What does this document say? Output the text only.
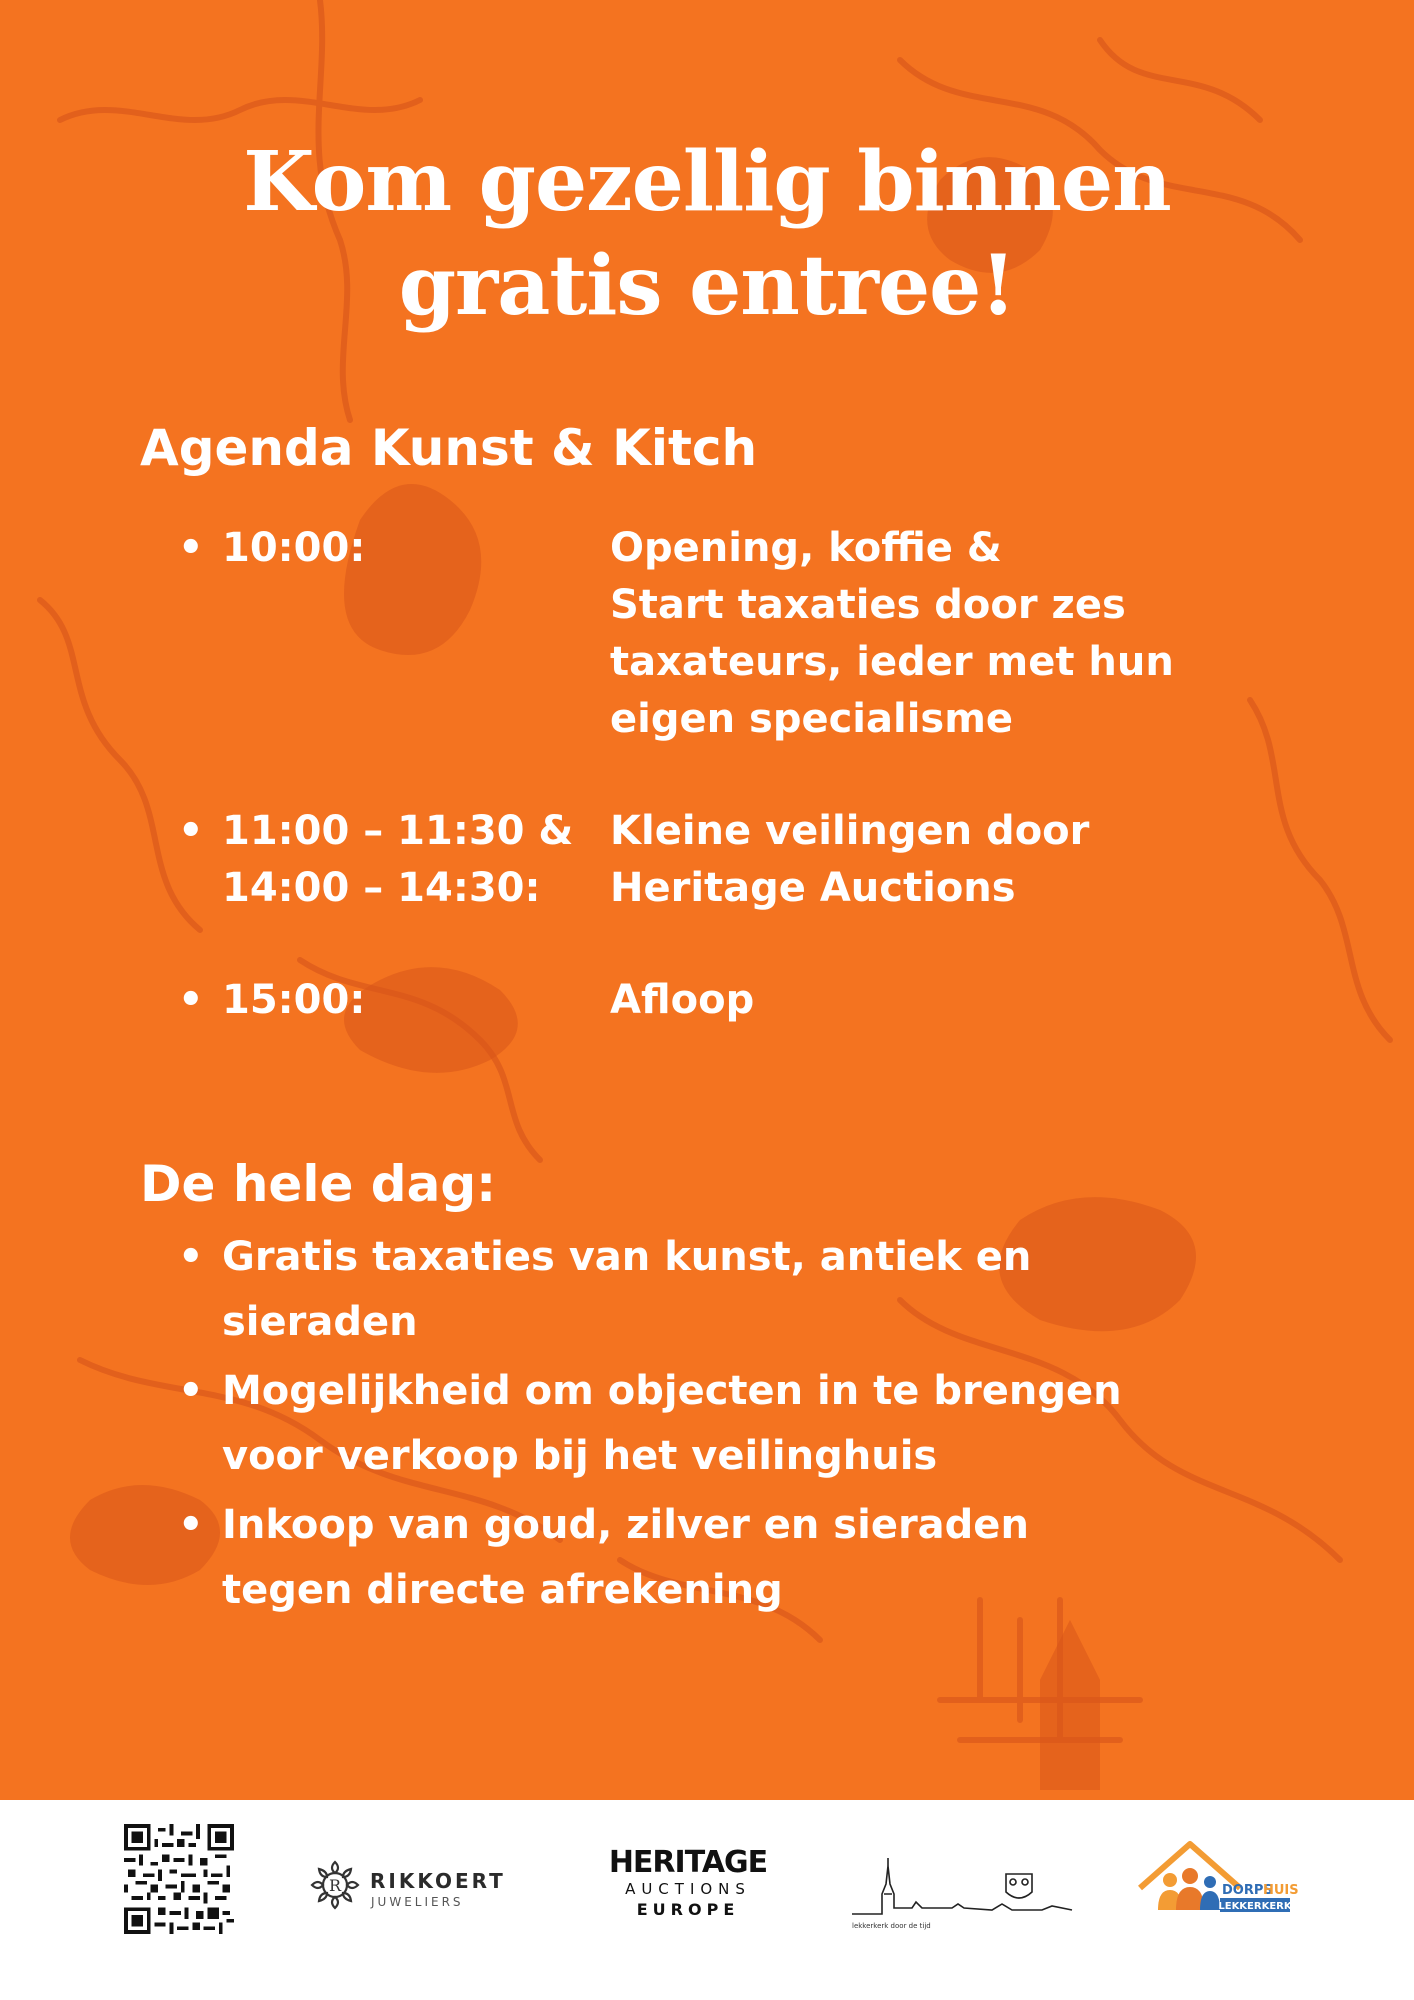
Kom gezellig binnen
gratis entree!
Agenda Kunst & Kitch
• 10:00:	Opening, koffie &
Start taxaties door zes
taxateurs, ieder met hun
eigen specialisme
• 11:00 – 11:30 &
14:00 – 14:30:
Kleine veilingen door
Heritage Auctions
• 15:00:	Afloop
De hele dag:
• Gratis taxaties van kunst, antiek en
sieraden
• Mogelijkheid om objecten in te brengen
voor verkoop bij het veilinghuis
• Inkoop van goud, zilver en sieraden
tegen directe afrekening
R RIKKOERT
JUWELIERS
HERITAGE
AUCTIONS
EUROPE
lekkerkerk door de tijd
DORPS
HUIS
LEKKERKERK
